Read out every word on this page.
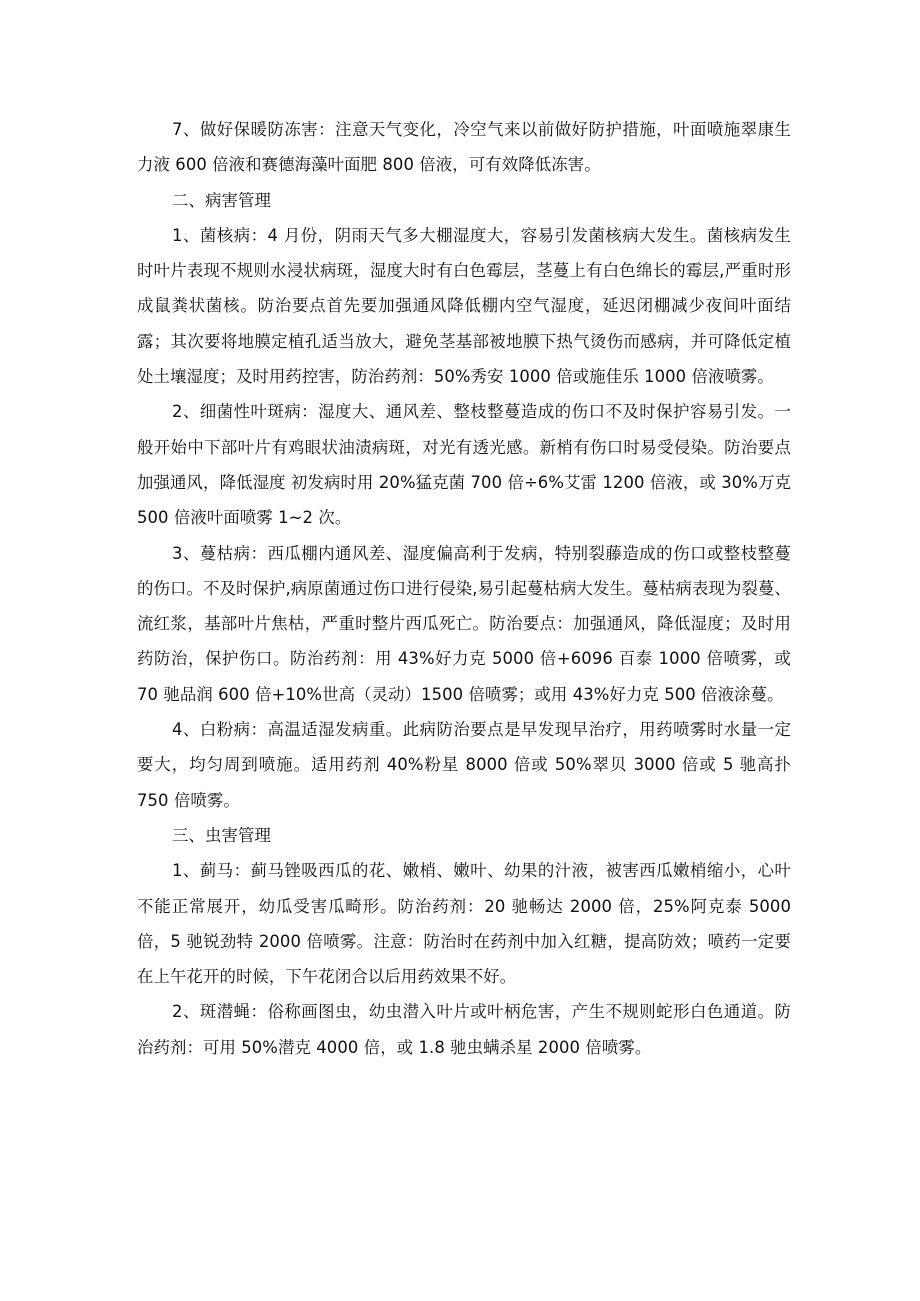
7、做好保暖防冻害：注意天气变化，冷空气来以前做好防护措施，叶面喷施翠康生力液 600 倍液和赛德海藻叶面肥 800 倍液，可有效降低冻害。

二、病害管理

1、菌核病：4 月份，阴雨天气多大棚湿度大，容易引发菌核病大发生。菌核病发生时叶片表现不规则水浸状病斑，湿度大时有白色霉层，茎蔓上有白色绵长的霉层,严重时形成鼠粪状菌核。防治要点首先要加强通风降低棚内空气湿度，延迟闭棚减少夜间叶面结露；其次要将地膜定植孔适当放大，避免茎基部被地膜下热气烫伤而感病，并可降低定植处土壤湿度；及时用药控害，防治药剂：50%秀安 1000 倍或施佳乐 1000 倍液喷雾。

2、细菌性叶斑病：湿度大、通风差、整枝整蔓造成的伤口不及时保护容易引发。一般开始中下部叶片有鸡眼状油渍病斑，对光有透光感。新梢有伤口时易受侵染。防治要点 加强通风，降低湿度 初发病时用 20%猛克菌 700 倍÷6%艾雷 1200 倍液，或 30%万克 500 倍液叶面喷雾 1~2 次。

3、蔓枯病：西瓜棚内通风差、湿度偏高利于发病，特别裂藤造成的伤口或整枝整蔓的伤口。不及时保护,病原菌通过伤口进行侵染,易引起蔓枯病大发生。蔓枯病表现为裂蔓、流红浆，基部叶片焦枯，严重时整片西瓜死亡。防治要点：加强通风，降低湿度；及时用药防治，保护伤口。防治药剂：用 43%好力克 5000 倍+6096 百泰 1000 倍喷雾，或 70 驰品润 600 倍+10%世高（灵动）1500 倍喷雾；或用 43%好力克 500 倍液涂蔓。

4、白粉病：高温适湿发病重。此病防治要点是早发现早治疗，用药喷雾时水量一定要大，均匀周到喷施。适用药剂 40%粉星 8000 倍或 50%翠贝 3000 倍或 5 驰高扑 750 倍喷雾。

三、虫害管理

1、蓟马：蓟马锉吸西瓜的花、嫩梢、嫩叶、幼果的汁液，被害西瓜嫩梢缩小，心叶不能正常展开，幼瓜受害瓜畸形。防治药剂：20 驰畅达 2000 倍，25%阿克泰 5000 倍，5 驰锐劲特 2000 倍喷雾。注意：防治时在药剂中加入红糖，提高防效；喷药一定要在上午花开的时候，下午花闭合以后用药效果不好。

2、斑潜蝇：俗称画图虫，幼虫潜入叶片或叶柄危害，产生不规则蛇形白色通道。防治药剂：可用 50%潜克 4000 倍，或 1.8 驰虫螨杀星 2000 倍喷雾。
